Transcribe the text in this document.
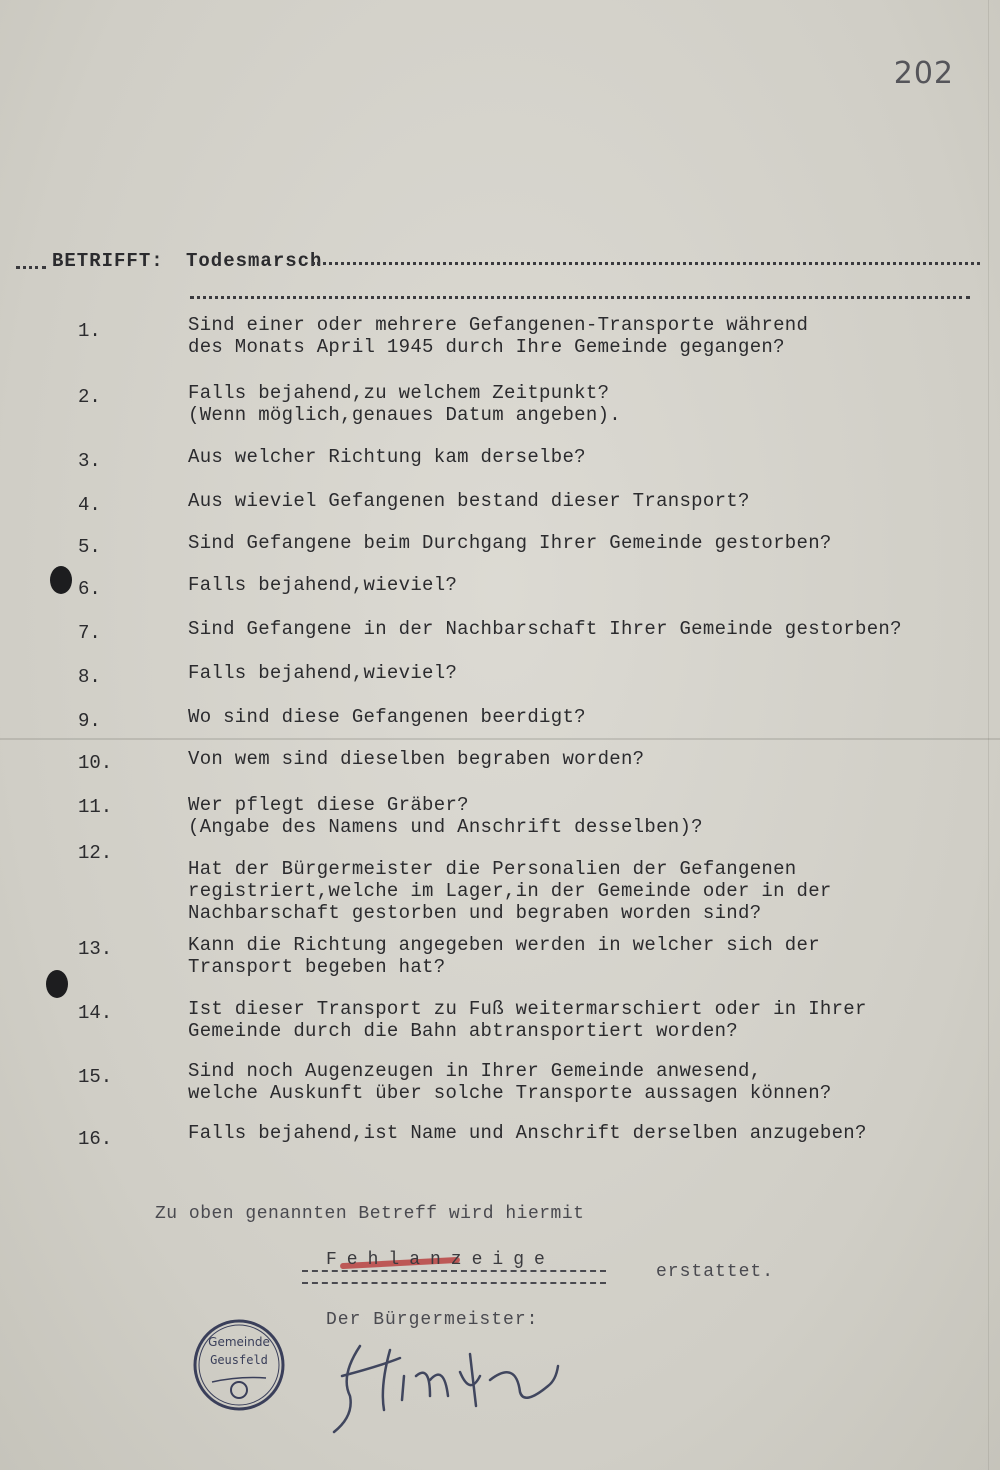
202
BETRIFFT: Todesmarsch
1.	Sind einer oder mehrere Gefangenen-Transporte während
des Monats April 1945 durch Ihre Gemeinde gegangen?
2.	Falls bejahend,zu welchem Zeitpunkt?
(Wenn möglich,genaues Datum angeben).
3.	Aus welcher Richtung kam derselbe?
4.	Aus wieviel Gefangenen bestand dieser Transport?
5.	Sind Gefangene beim Durchgang Ihrer Gemeinde gestorben?
6.	Falls bejahend,wieviel?
7.	Sind Gefangene in der Nachbarschaft Ihrer Gemeinde gestorben?
8.	Falls bejahend,wieviel?
9.	Wo sind diese Gefangenen beerdigt?
10.	Von wem sind dieselben begraben worden?
11.	Wer pflegt diese Gräber?
(Angabe des Namens und Anschrift desselben)?
12.
Hat der Bürgermeister die Personalien der Gefangenen
registriert,welche im Lager,in der Gemeinde oder in der
Nachbarschaft gestorben und begraben worden sind?
13.	Kann die Richtung angegeben werden in welcher sich der
Transport begeben hat?
14.	Ist dieser Transport zu Fuß weitermarschiert oder in Ihrer
Gemeinde durch die Bahn abtransportiert worden?
15.	Sind noch Augenzeugen in Ihrer Gemeinde anwesend,
welche Auskunft über solche Transporte aussagen können?
16.	Falls bejahend,ist Name und Anschrift derselben anzugeben?
Zu oben genannten Betreff wird hiermit
Fehlanzeige
erstattet.
Der Bürgermeister:
Gemeinde
Geusfeld
